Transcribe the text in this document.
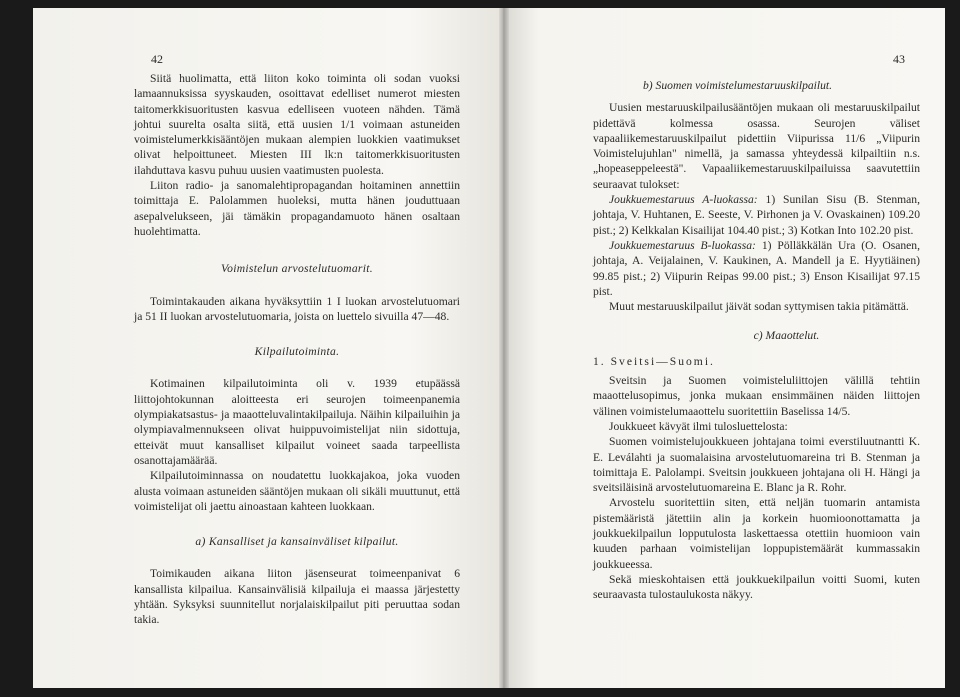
42

Siitä huolimatta, että liiton koko toiminta oli sodan vuoksi lamaannuksissa syyskauden, osoittavat edelliset numerot miesten taitomerkkisuoritusten kasvua edelliseen vuoteen nähden. Tämä johtui suurelta osalta siitä, että uusien 1/1 voimaan astuneiden voimistelumerkkisääntöjen mukaan alempien luokkien vaatimukset olivat helpoittuneet. Miesten III lk:n taitomerkkisuoritusten ilahduttava kasvu puhuu uusien vaatimusten puolesta.

Liiton radio- ja sanomalehtipropagandan hoitaminen annettiin toimittaja E. Palolammen huoleksi, mutta hänen jouduttuaan asepalvelukseen, jäi tämäkin propagandamuoto hänen osaltaan huolehtimatta.

Voimistelun arvostelutuomarit.

Toimintakauden aikana hyväksyttiin 1 I luokan arvostelutuomari ja 51 II luokan arvostelutuomaria, joista on luettelo sivuilla 47—48.

Kilpailutoiminta.

Kotimainen kilpailutoiminta oli v. 1939 etupäässä liittojohtokunnan aloitteesta eri seurojen toimeenpanemia olympiakatsastus- ja maaotteluvalintakilpailuja. Näihin kilpailuihin ja olympiavalmennukseen olivat huippuvoimistelijat niin sidottuja, etteivät muut kansalliset kilpailut voineet saada tarpeellista osanottajamäärää.

Kilpailutoiminnassa on noudatettu luokkajakoa, joka vuoden alusta voimaan astuneiden sääntöjen mukaan oli sikäli muuttunut, että voimistelijat oli jaettu ainoastaan kahteen luokkaan.

a) Kansalliset ja kansainväliset kilpailut.

Toimikauden aikana liiton jäsenseurat toimeenpanivat 6 kansallista kilpailua. Kansainvälisiä kilpailuja ei maassa järjestetty yhtään. Syksyksi suunnitellut norjalaiskilpailut piti peruuttaa sodan takia.

43
b) Suomen voimistelumestaruuskilpailut.

Uusien mestaruuskilpailusääntöjen mukaan oli mestaruuskilpailut pidettävä kolmessa osassa. Seurojen väliset vapaaliikemestaruuskilpailut pidettiin Viipurissa 11/6 „Viipurin Voimistelujuhlan" nimellä, ja samassa yhteydessä kilpailtiin n.s. „hopeaseppeleestä". Vapaaliikemestaruuskilpailuissa saavutettiin seuraavat tulokset:

Joukkuemestaruus A-luokassa: 1) Sunilan Sisu (B. Stenman, johtaja, V. Huhtanen, E. Seeste, V. Pirhonen ja V. Ovaskainen) 109.20 pist.; 2) Kelkkalan Kisailijat 104.40 pist.; 3) Kotkan Into 102.20 pist.

Joukkuemestaruus B-luokassa: 1) Pölläkkälän Ura (O. Osanen, johtaja, A. Veijalainen, V. Kaukinen, A. Mandell ja E. Hyytiäinen) 99.85 pist.; 2) Viipurin Reipas 99.00 pist.; 3) Enson Kisailijat 97.15 pist.

Muut mestaruuskilpailut jäivät sodan syttymisen takia pitämättä.

c) Maaottelut.

1. Sveitsi—Suomi.

Sveitsin ja Suomen voimisteluliittojen välillä tehtiin maaottelusopimus, jonka mukaan ensimmäinen näiden liittojen välinen voimistelumaaottelu suoritettiin Baselissa 14/5.

Joukkueet kävyät ilmi tulosluettelosta:

Suomen voimistelujoukkueen johtajana toimi everstiluutnantti K. E. Leválahti ja suomalaisina arvostelutuomareina tri B. Stenman ja toimittaja E. Palolampi. Sveitsin joukkueen johtajana oli H. Hängi ja sveitsiläisinä arvostelutuomareina E. Blanc ja R. Rohr.

Arvostelu suoritettiin siten, että neljän tuomarin antamista pistemääristä jätettiin alin ja korkein huomioonottamatta ja joukkuekilpailun lopputulosta laskettaessa otettiin huomioon vain kuuden parhaan voimistelijan loppupistemäärät kummassakin joukkueessa.

Sekä mieskohtaisen että joukkuekilpailun voitti Suomi, kuten seuraavasta tulostaulukosta näkyy.
